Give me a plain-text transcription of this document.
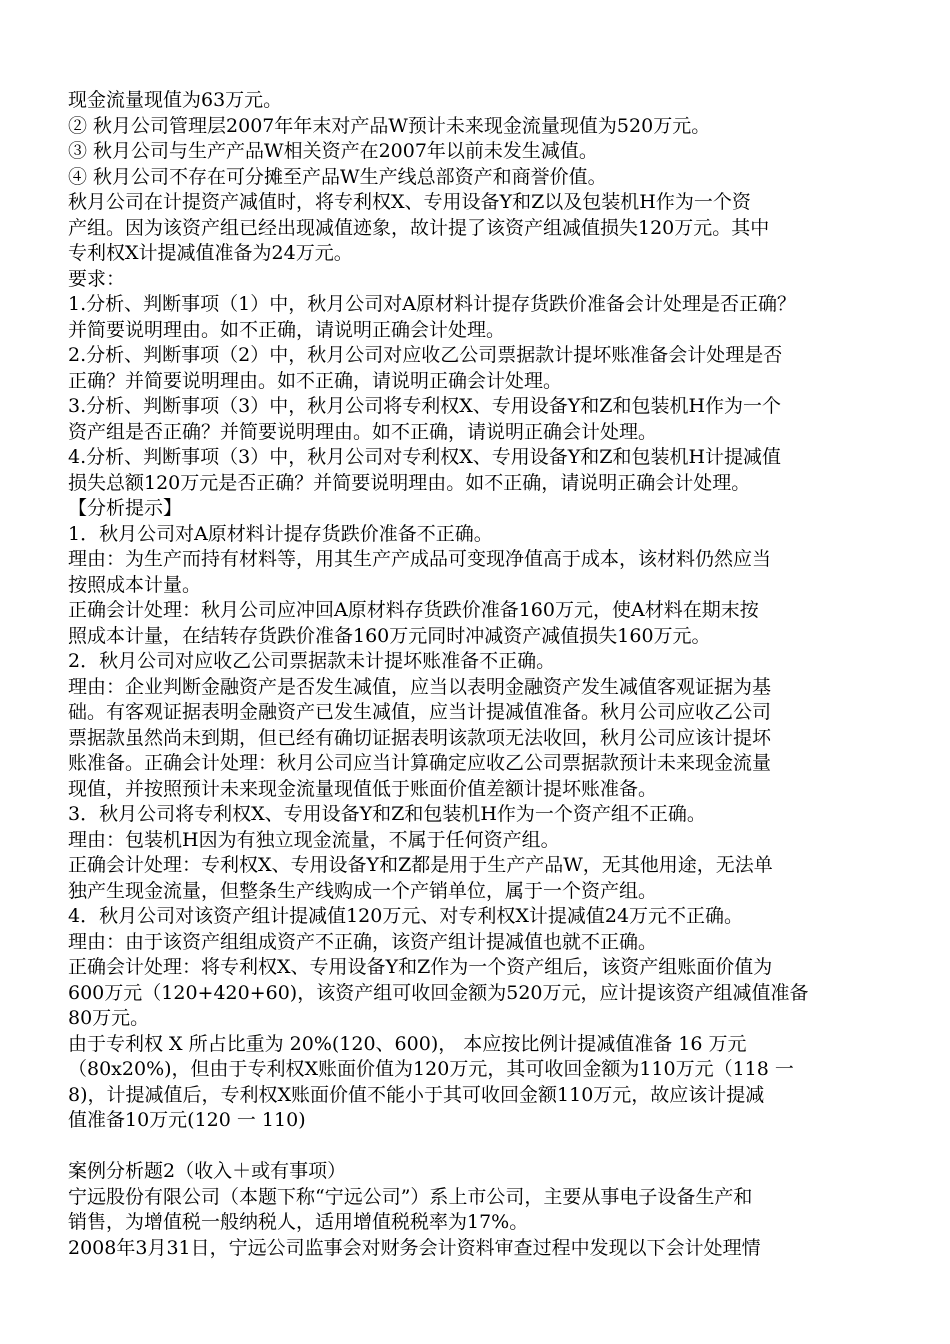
现金流量现值为63万元。
② 秋月公司管理层2007年年末对产品W预计未来现金流量现值为520万元。
③ 秋月公司与生产产品W相关资产在2007年以前未发生减值。
④ 秋月公司不存在可分摊至产品W生产线总部资产和商誉价值。
秋月公司在计提资产减值时，将专利权X、专用设备Y和Z以及包装机H作为一个资
产组。因为该资产组已经出现减值迹象，故计提了该资产组减值损失120万元。其中
专利权X计提减值准备为24万元。
要求：
1.分析、判断事项（1）中，秋月公司对A原材料计提存货跌价准备会计处理是否正确？
并简要说明理由。如不正确，请说明正确会计处理。
2.分析、判断事项（2）中，秋月公司对应收乙公司票据款计提坏账准备会计处理是否
正确？并简要说明理由。如不正确，请说明正确会计处理。
3.分析、判断事项（3）中，秋月公司将专利权X、专用设备Y和Z和包装机H作为一个
资产组是否正确？并简要说明理由。如不正确，请说明正确会计处理。
4.分析、判断事项（3）中，秋月公司对专利权X、专用设备Y和Z和包装机H计提减值
损失总额120万元是否正确？并简要说明理由。如不正确，请说明正确会计处理。
【分析提示】
1．秋月公司对A原材料计提存货跌价准备不正确。
理由：为生产而持有材料等，用其生产产成品可变现净值高于成本，该材料仍然应当
按照成本计量。
正确会计处理：秋月公司应冲回A原材料存货跌价准备160万元，使A材料在期末按
照成本计量，在结转存货跌价准备160万元同时冲减资产减值损失160万元。
2．秋月公司对应收乙公司票据款未计提坏账准备不正确。
理由：企业判断金融资产是否发生减值，应当以表明金融资产发生减值客观证据为基
础。有客观证据表明金融资产已发生减值，应当计提减值准备。秋月公司应收乙公司
票据款虽然尚未到期，但已经有确切证据表明该款项无法收回，秋月公司应该计提坏
账准备。正确会计处理：秋月公司应当计算确定应收乙公司票据款预计未来现金流量
现值，并按照预计未来现金流量现值低于账面价值差额计提坏账准备。
3．秋月公司将专利权X、专用设备Y和Z和包装机H作为一个资产组不正确。
理由：包装机H因为有独立现金流量，不属于任何资产组。
正确会计处理：专利权X、专用设备Y和Z都是用于生产产品W，无其他用途，无法单
独产生现金流量，但整条生产线购成一个产销单位，属于一个资产组。
4．秋月公司对该资产组计提减值120万元、对专利权X计提减值24万元不正确。
理由：由于该资产组组成资产不正确，该资产组计提减值也就不正确。
正确会计处理：将专利权X、专用设备Y和Z作为一个资产组后，该资产组账面价值为
600万元（120+420+60)，该资产组可收回金额为520万元，应计提该资产组减值准备
80万元。
由于专利权 X 所占比重为 20%(120、600)， 本应按比例计提减值准备 16 万元
（80x20%)，但由于专利权X账面价值为120万元，其可收回金额为110万元（118 一
8)，计提减值后，专利权X账面价值不能小于其可收回金额110万元，故应该计提减
值准备10万元(120 一 110)
案例分析题2（收入＋或有事项）
宁远股份有限公司（本题下称“宁远公司”）系上市公司，主要从事电子设备生产和
销售，为增值税一般纳税人，适用增值税税率为17%。
2008年3月31日，宁远公司监事会对财务会计资料审查过程中发现以下会计处理情
